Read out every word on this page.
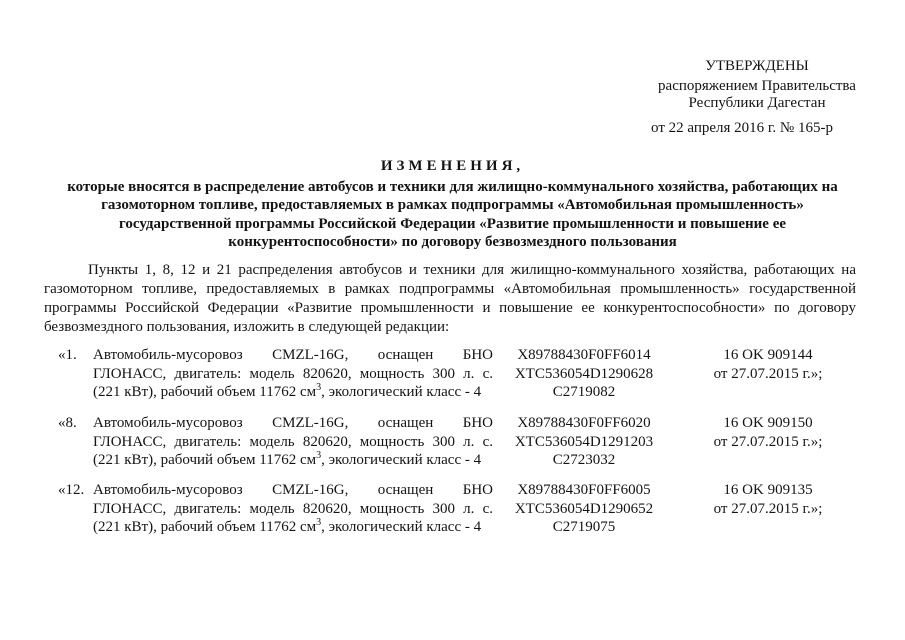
УТВЕРЖДЕНЫ
распоряжением Правительства
Республики Дагестан
от 22 апреля 2016 г. № 165-р
ИЗМЕНЕНИЯ,
которые вносятся в распределение автобусов и техники для жилищно-коммунального хозяйства, работающих на
газомоторном топливе, предоставляемых в рамках подпрограммы «Автомобильная промышленность»
государственной программы Российской Федерации «Развитие промышленности и повышение ее
конкурентоспособности» по договору безвозмездного пользования
Пункты 1, 8, 12 и 21 распределения автобусов и техники для жилищно-коммунального хозяйства, работающих на
газомоторном топливе, предоставляемых в рамках подпрограммы «Автомобильная промышленность» государственной
программы Российской Федерации «Развитие промышленности и повышение ее конкурентоспособности» по договору
безвозмездного пользования, изложить в следующей редакции:
«1. Автомобиль-мусоровоз CMZL-16G, оснащен БНО
ГЛОНАСС, двигатель: модель 820620, мощность 300 л. с.
(221 кВт), рабочий объем 11762 $см^3$, экологический класс - 4
X89788430F0FF6014
XTC536054D1290628
C2719082
16 OK 909144
от 27.07.2015 г.»;
«8. Автомобиль-мусоровоз CMZL-16G, оснащен БНО
ГЛОНАСС, двигатель: модель 820620, мощность 300 л. с.
(221 кВт), рабочий объем 11762 $см^3$, экологический класс - 4
X89788430F0FF6020
XTC536054D1291203
C2723032
16 OK 909150
от 27.07.2015 г.»;
«12. Автомобиль-мусоровоз CMZL-16G, оснащен БНО
ГЛОНАСС, двигатель: модель 820620, мощность 300 л. с.
(221 кВт), рабочий объем 11762 $см^3$, экологический класс - 4
X89788430F0FF6005
XTC536054D1290652
C2719075
16 OK 909135
от 27.07.2015 г.»;
